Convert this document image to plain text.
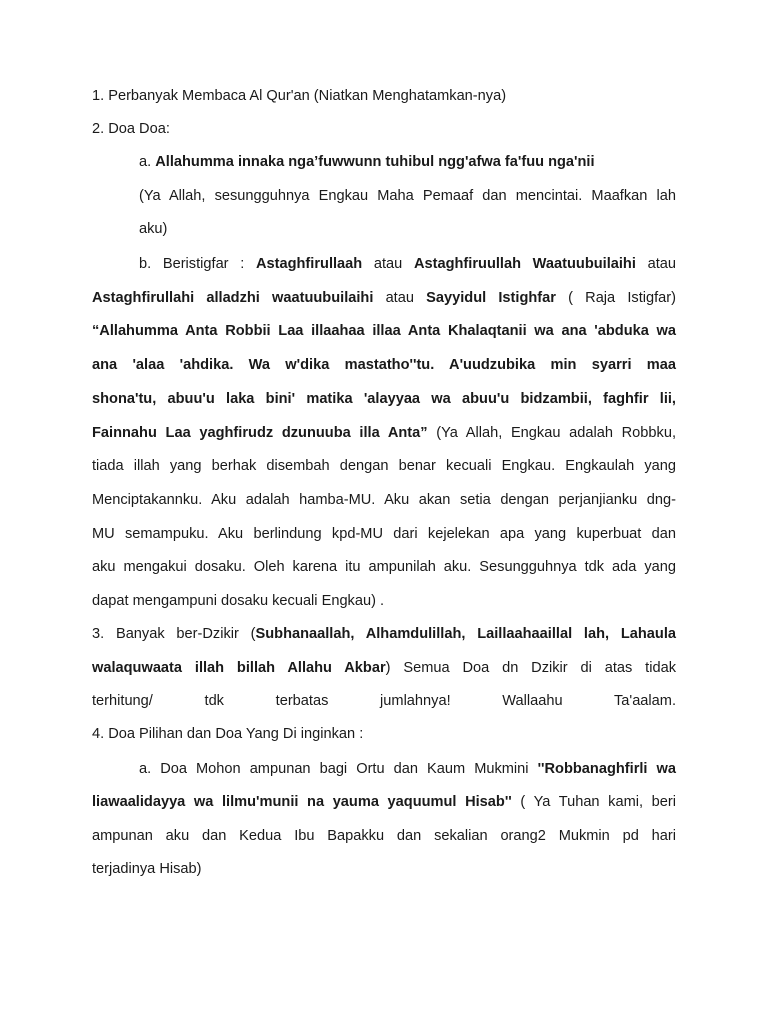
1. Perbanyak Membaca Al Qur'an (Niatkan Menghatamkan-nya)
2. Doa Doa:
a. Allahumma innaka nga’fuwwunn tuhibul ngg'afwa fa'fuu nga'nii
(Ya Allah, sesungguhnya Engkau Maha Pemaaf dan mencintai. Maafkan lah
aku)
b. Beristigfar : Astaghfirullaah atau Astaghfiruullah Waatuubuilaihi atau
Astaghfirullahi alladzhi waatuubuilaihi atau Sayyidul Istighfar ( Raja Istigfar)
“Allahumma Anta Robbii Laa illaahaa illaa Anta Khalaqtanii wa ana 'abduka wa
ana 'alaa 'ahdika. Wa w'dika mastatho''tu. A'uudzubika min syarri maa
shona'tu, abuu'u laka bini' matika 'alayyaa wa abuu'u bidzambii, faghfir lii,
Fainnahu Laa yaghfirudz dzunuuba illa Anta” (Ya Allah, Engkau adalah Robbku,
tiada illah yang berhak disembah dengan benar kecuali Engkau. Engkaulah yang
Menciptakannku. Aku adalah hamba-MU. Aku akan setia dengan perjanjianku dng-
MU semampuku. Aku berlindung kpd-MU dari kejelekan apa yang kuperbuat dan
aku mengakui dosaku. Oleh karena itu ampunilah aku. Sesungguhnya tdk ada yang
dapat mengampuni dosaku kecuali Engkau) .
3. Banyak ber-Dzikir (Subhanaallah, Alhamdulillah, Laillaahaaillal lah, Lahaula
walaquwaata illah billah Allahu Akbar) Semua Doa dn Dzikir di atas tidak
terhitung/ tdk terbatas jumlahnya! Wallaahu Ta'aalam.
4. Doa Pilihan dan Doa Yang Di inginkan :
a. Doa Mohon ampunan bagi Ortu dan Kaum Mukmini ''Robbanaghfirli wa
liawaalidayya wa lilmu'munii na yauma yaquumul Hisab'' ( Ya Tuhan kami, beri
ampunan aku dan Kedua Ibu Bapakku dan sekalian orang2 Mukmin pd hari
terjadinya Hisab)
